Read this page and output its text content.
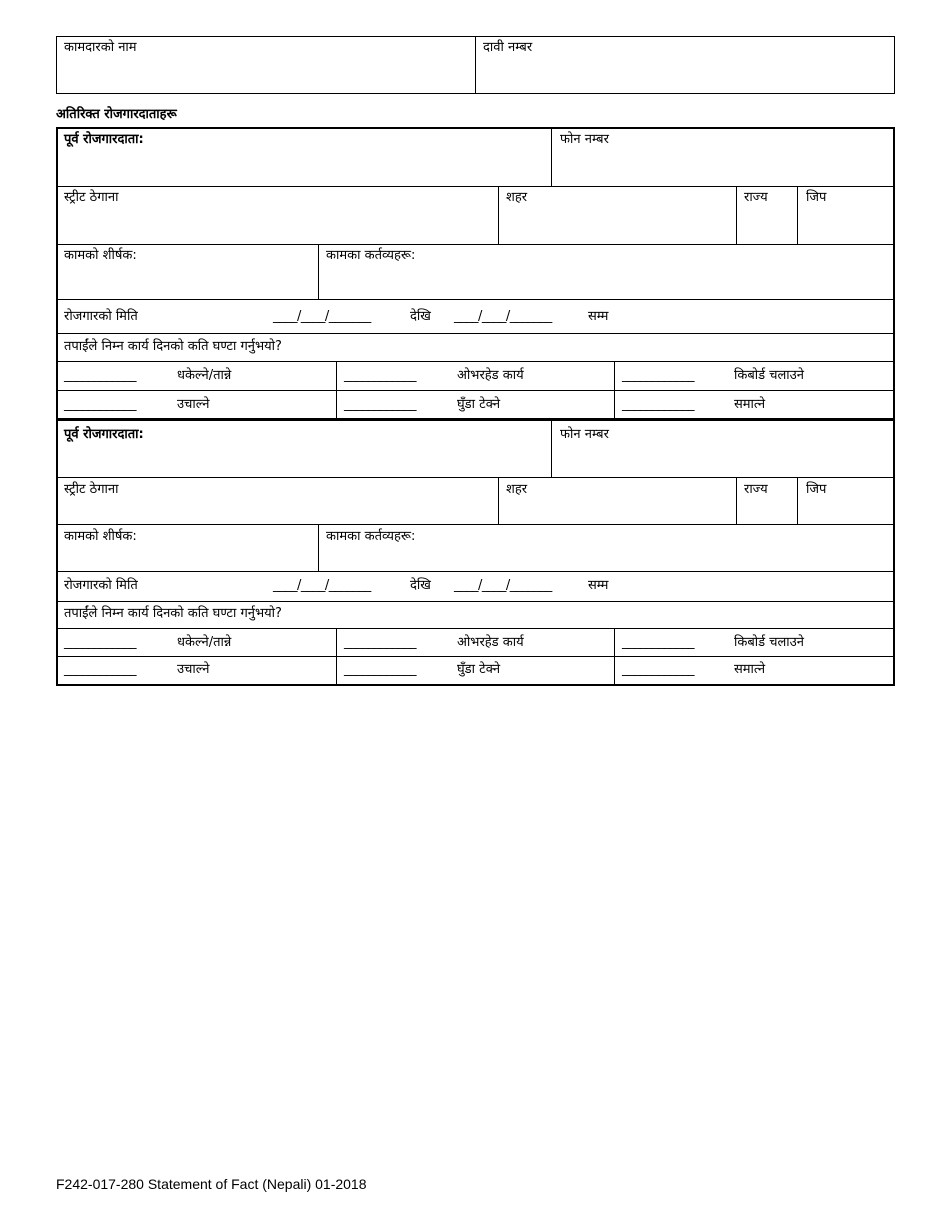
कामदारको नाम	दावी नम्बर
अतिरिक्त रोजगारदाताहरू
पूर्व रोजगारदाता:	फोन नम्बर
स्ट्रीट ठेगाना	शहर	राज्य	जिप
कामको शीर्षक:	कामका कर्तव्यहरू:
रोजगारको मिति	____/____/_______	देखि ____/____/_______	सम्म
तपाईंले निम्न कार्य दिनको कति घण्टा गर्नुभयो?
____________	धकेल्ने/तान्ने	____________	ओभरहेड कार्य	____________	किबोर्ड चलाउने
____________	उचाल्ने	____________	घुँडा टेक्ने	____________	समात्ने
पूर्व रोजगारदाता:	फोन नम्बर
स्ट्रीट ठेगाना	शहर	राज्य	जिप
कामको शीर्षक:	कामका कर्तव्यहरू:
रोजगारको मिति	____/____/_______	देखि ____/____/_______	सम्म
तपाईंले निम्न कार्य दिनको कति घण्टा गर्नुभयो?
____________	धकेल्ने/तान्ने	____________	ओभरहेड कार्य	____________	किबोर्ड चलाउने
____________	उचाल्ने	____________	घुँडा टेक्ने	____________	समात्ने
F242-017-280 Statement of Fact (Nepali) 01-2018
